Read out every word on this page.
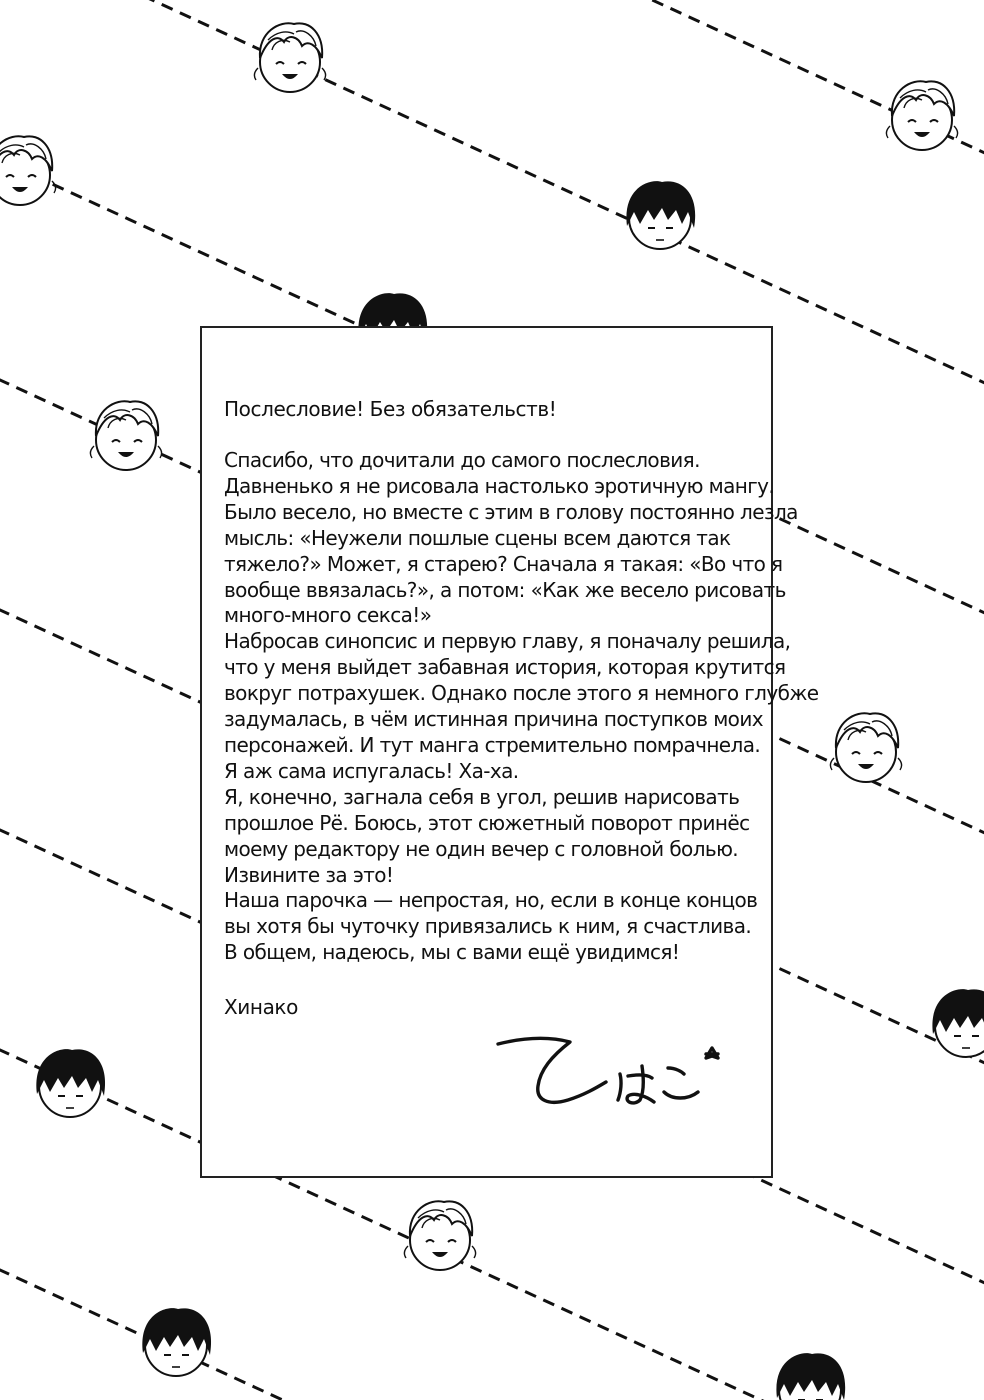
Послесловие! Без обязательств!
Спасибо, что дочитали до самого послесловия.
Давненько я не рисовала настолько эротичную мангу.
Было весело, но вместе с этим в голову постоянно лезла
мысль: «Неужели пошлые сцены всем даются так
тяжело?» Может, я старею? Сначала я такая: «Во что я
вообще ввязалась?», а потом: «Как же весело рисовать
много-много секса!»
Набросав синопсис и первую главу, я поначалу решила,
что у меня выйдет забавная история, которая крутится
вокруг потрахушек. Однако после этого я немного глубже
задумалась, в чём истинная причина поступков моих
персонажей. И тут манга стремительно помрачнела.
Я аж сама испугалась! Ха-ха.
Я, конечно, загнала себя в угол, решив нарисовать
прошлое Рё. Боюсь, этот сюжетный поворот принёс
моему редактору не один вечер с головной болью.
Извините за это!
Наша парочка — непростая, но, если в конце концов
вы хотя бы чуточку привязались к ним, я счастлива.
В общем, надеюсь, мы с вами ещё увидимся!
Хинако
